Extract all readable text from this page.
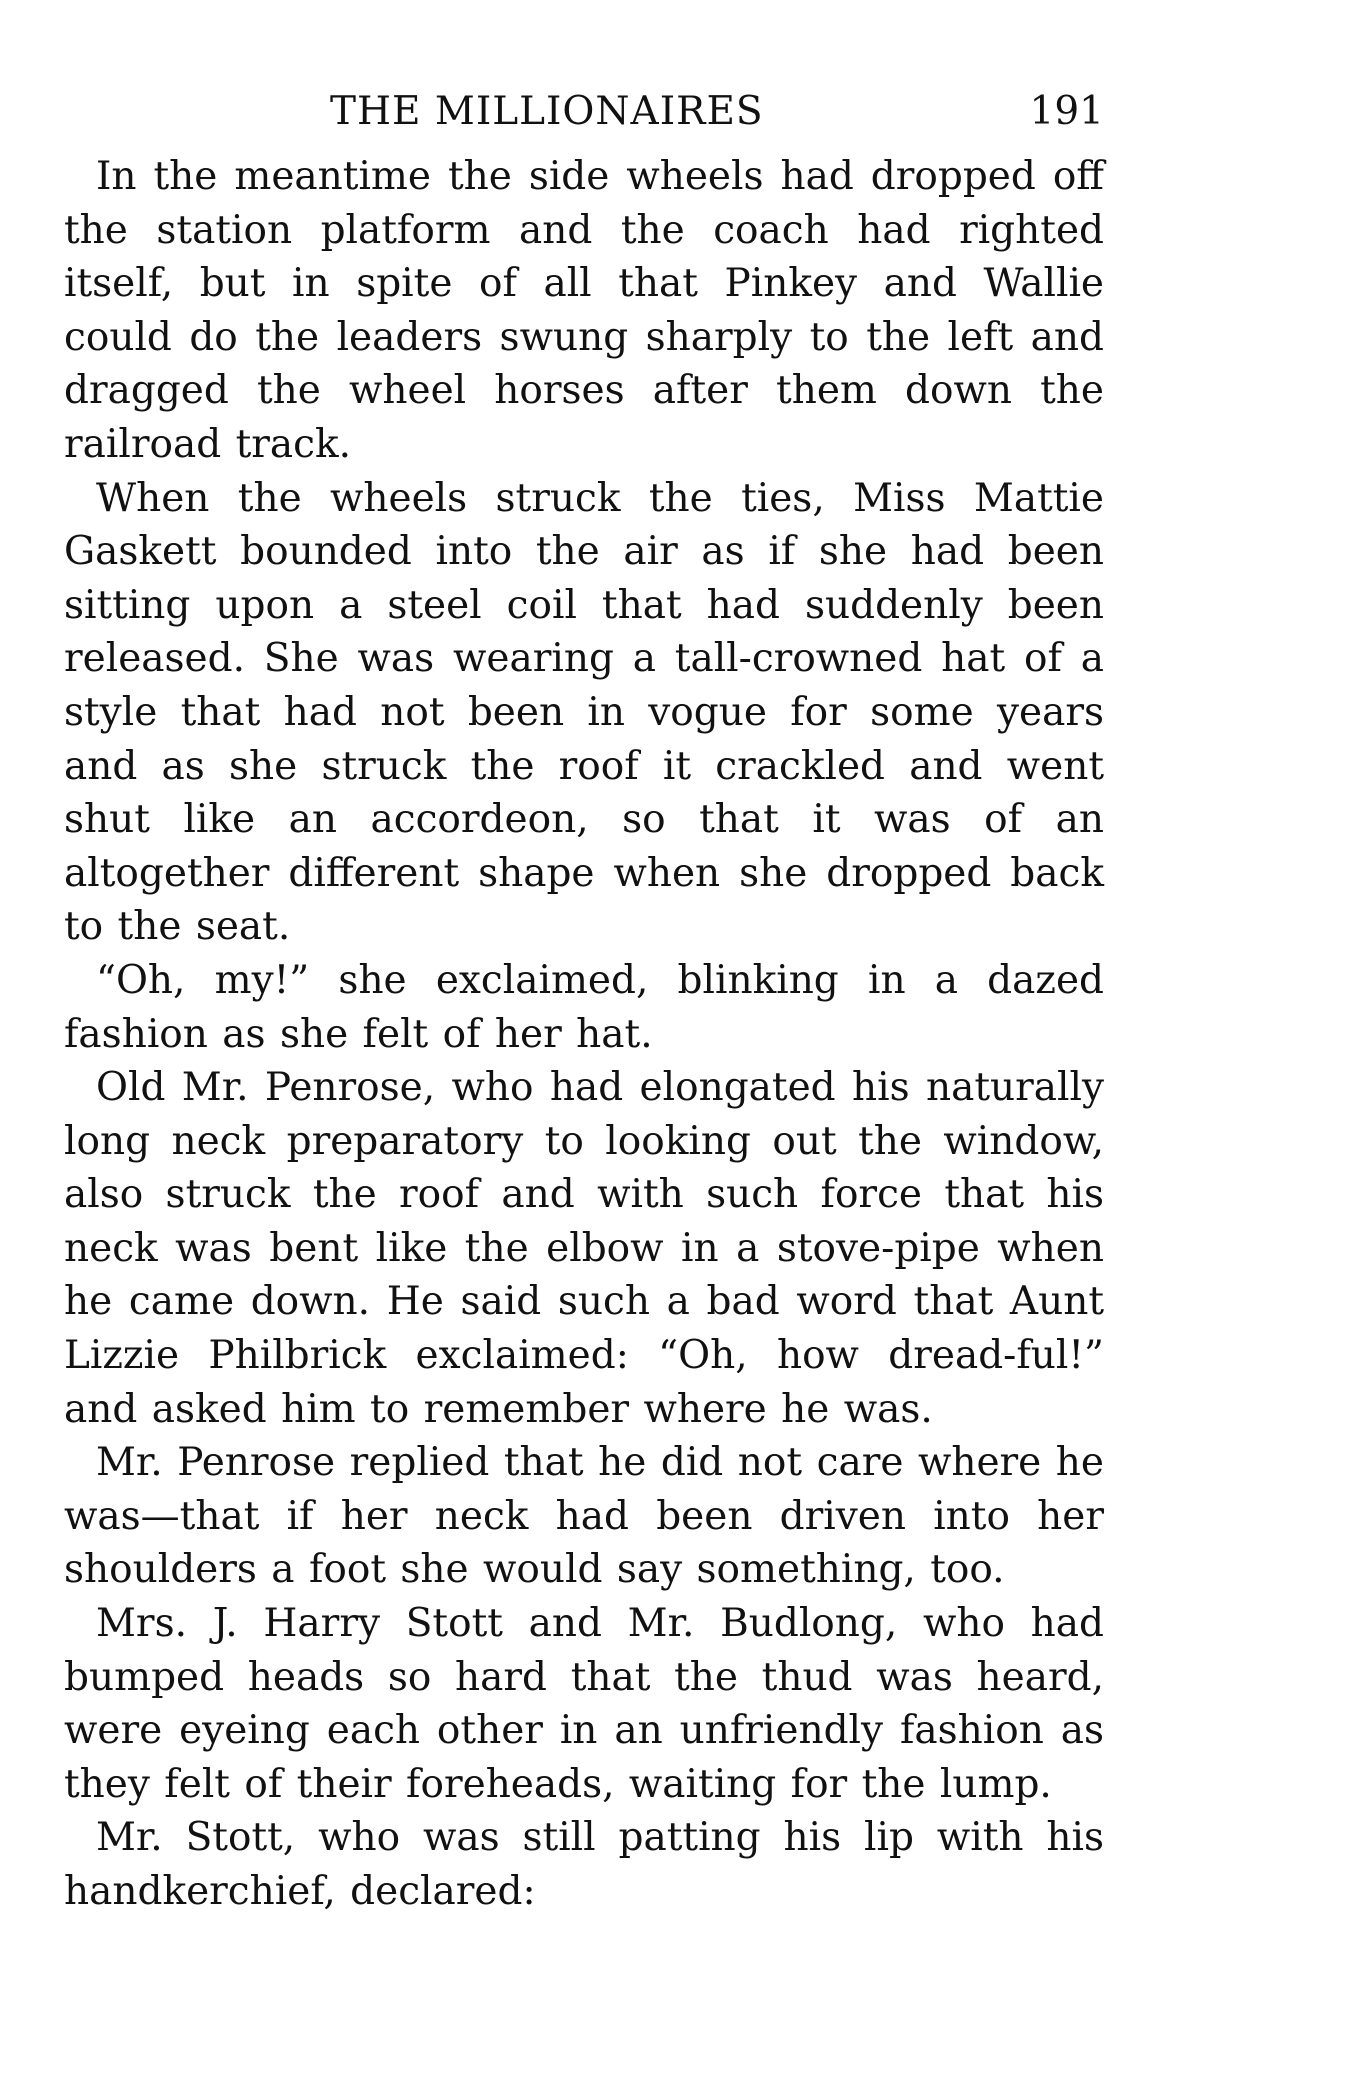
THE MILLIONAIRES	191

In the meantime the side wheels had dropped off the station platform and the coach had righted itself, but in spite of all that Pinkey and Wallie could do the leaders swung sharply to the left and dragged the wheel horses after them down the railroad track.

When the wheels struck the ties, Miss Mattie Gaskett bounded into the air as if she had been sitting upon a steel coil that had suddenly been released. She was wearing a tall-crowned hat of a style that had not been in vogue for some years and as she struck the roof it crackled and went shut like an accordeon, so that it was of an altogether different shape when she dropped back to the seat.

“Oh, my!” she exclaimed, blinking in a dazed fashion as she felt of her hat.

Old Mr. Penrose, who had elongated his naturally long neck preparatory to looking out the window, also struck the roof and with such force that his neck was bent like the elbow in a stove-pipe when he came down. He said such a bad word that Aunt Lizzie Philbrick exclaimed: “Oh, how dread-ful!” and asked him to remember where he was.

Mr. Penrose replied that he did not care where he was—that if her neck had been driven into her shoulders a foot she would say something, too.

Mrs. J. Harry Stott and Mr. Budlong, who had bumped heads so hard that the thud was heard, were eyeing each other in an unfriendly fashion as they felt of their foreheads, waiting for the lump.

Mr. Stott, who was still patting his lip with his handkerchief, declared:
